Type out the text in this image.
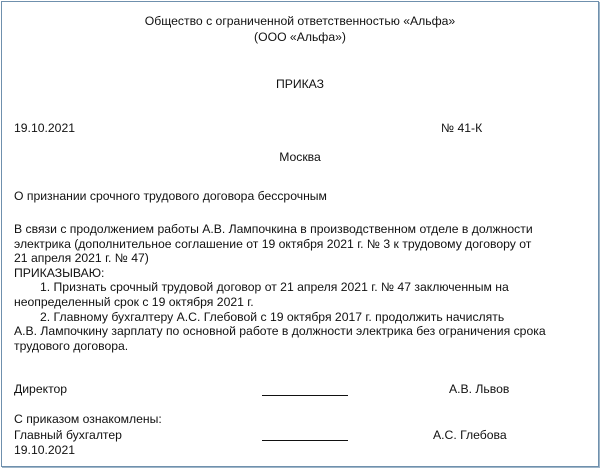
Общество с ограниченной ответственностью «Альфа»
(ООО «Альфа»)
ПРИКАЗ
19.10.2021	№ 41-К
Москва
О признании срочного трудового договора бессрочным
В связи с продолжением работы А.В. Лампочкина в производственном отделе в должности
электрика (дополнительное соглашение от 19 октября 2021 г. № 3 к трудовому договору от
21 апреля 2021 г. № 47)
ПРИКАЗЫВАЮ:
1. Признать срочный трудовой договор от 21 апреля 2021 г. № 47 заключенным на
неопределенный срок с 19 октября 2021 г.
2. Главному бухгалтеру А.С. Глебовой с 19 октября 2017 г. продолжить начислять
А.В. Лампочкину зарплату по основной работе в должности электрика без ограничения срока
трудового договора.
Директор	А.В. Львов
С приказом ознакомлены:
Главный бухгалтер	А.С. Глебова
19.10.2021
